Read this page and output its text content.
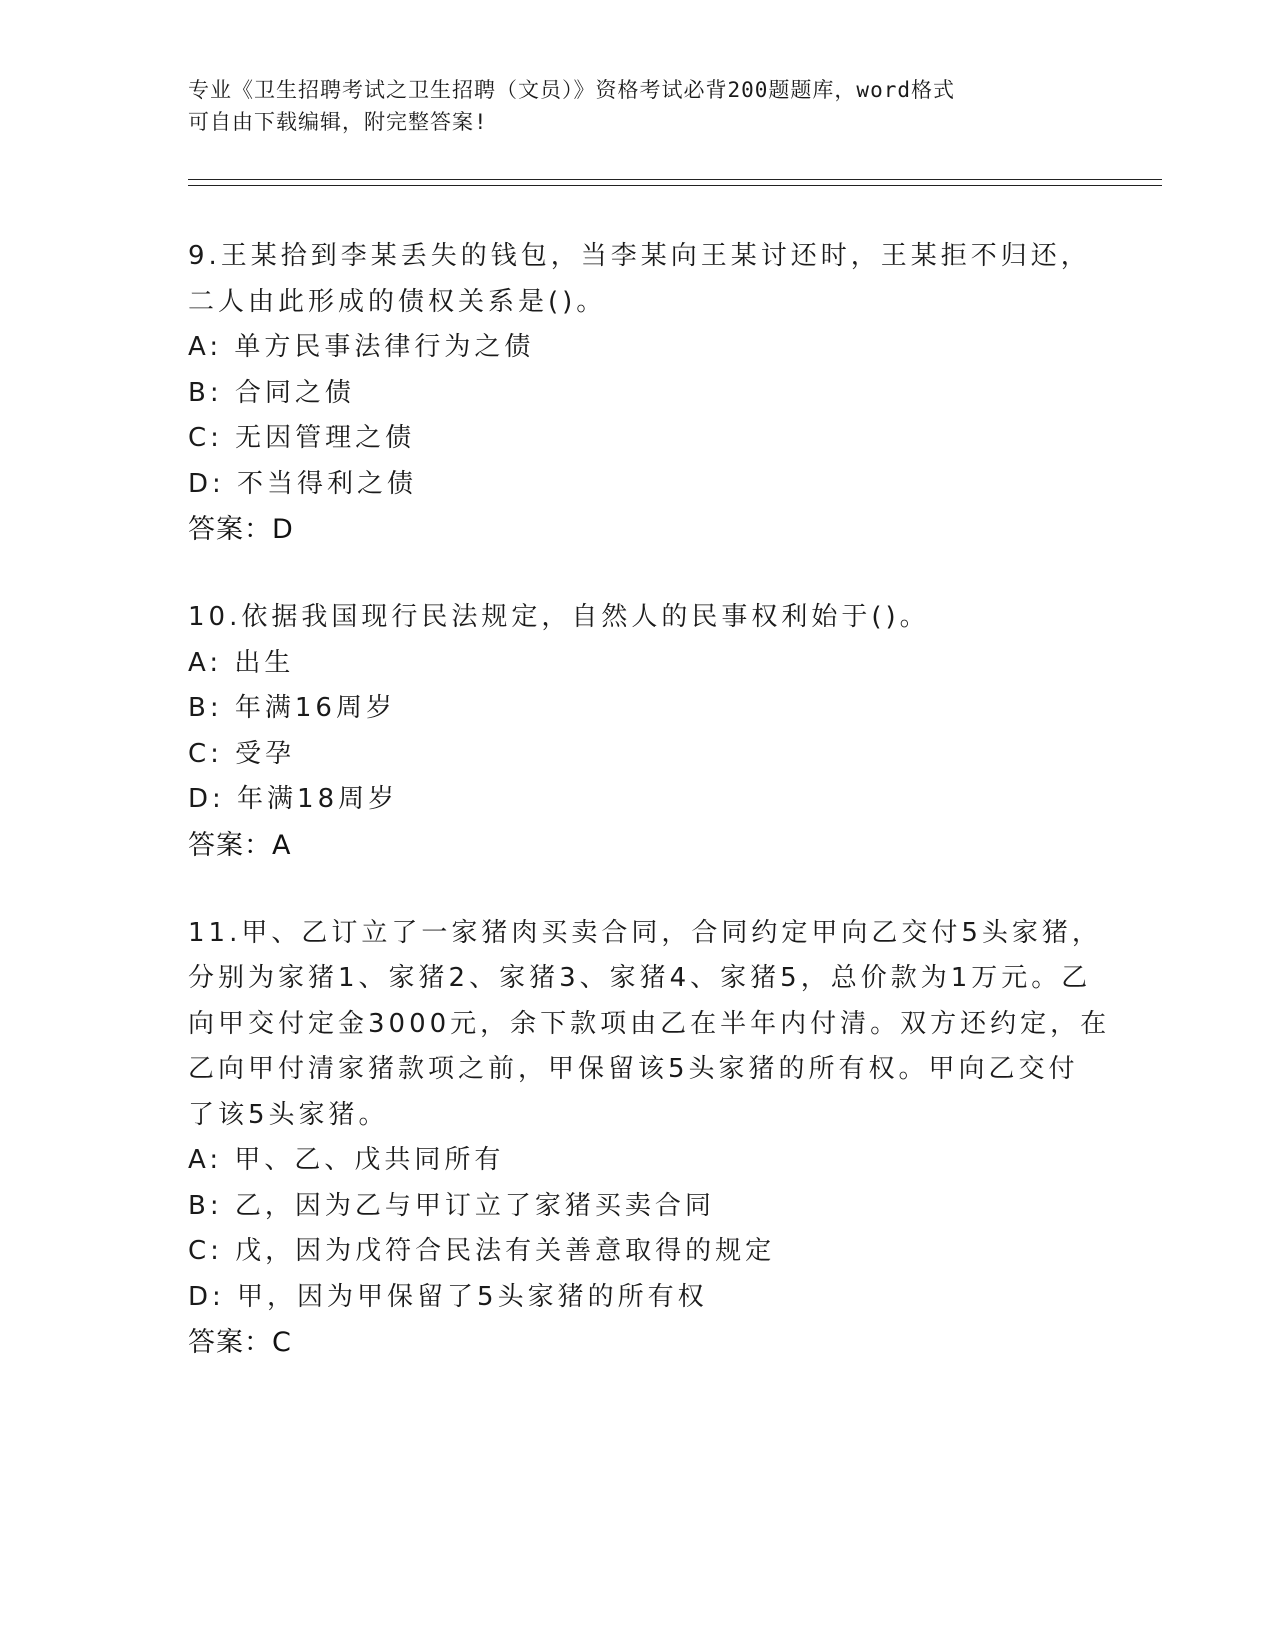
专业《卫生招聘考试之卫生招聘（文员）》资格考试必背200题题库，word格式
可自由下载编辑，附完整答案!
9.王某拾到李某丢失的钱包，当李某向王某讨还时，王某拒不归还，
二人由此形成的债权关系是()。
A: 单方民事法律行为之债
B: 合同之债
C: 无因管理之债
D: 不当得利之债
答案：D
10.依据我国现行民法规定，自然人的民事权利始于()。
A: 出生
B: 年满16周岁
C: 受孕
D: 年满18周岁
答案：A
11.甲、乙订立了一家猪肉买卖合同，合同约定甲向乙交付5头家猪，
分别为家猪1、家猪2、家猪3、家猪4、家猪5，总价款为1万元。乙
向甲交付定金3000元，余下款项由乙在半年内付清。双方还约定，在
乙向甲付清家猪款项之前，甲保留该5头家猪的所有权。甲向乙交付
了该5头家猪。
A: 甲、乙、戊共同所有
B: 乙，因为乙与甲订立了家猪买卖合同
C: 戊，因为戊符合民法有关善意取得的规定
D: 甲，因为甲保留了5头家猪的所有权
答案：C
